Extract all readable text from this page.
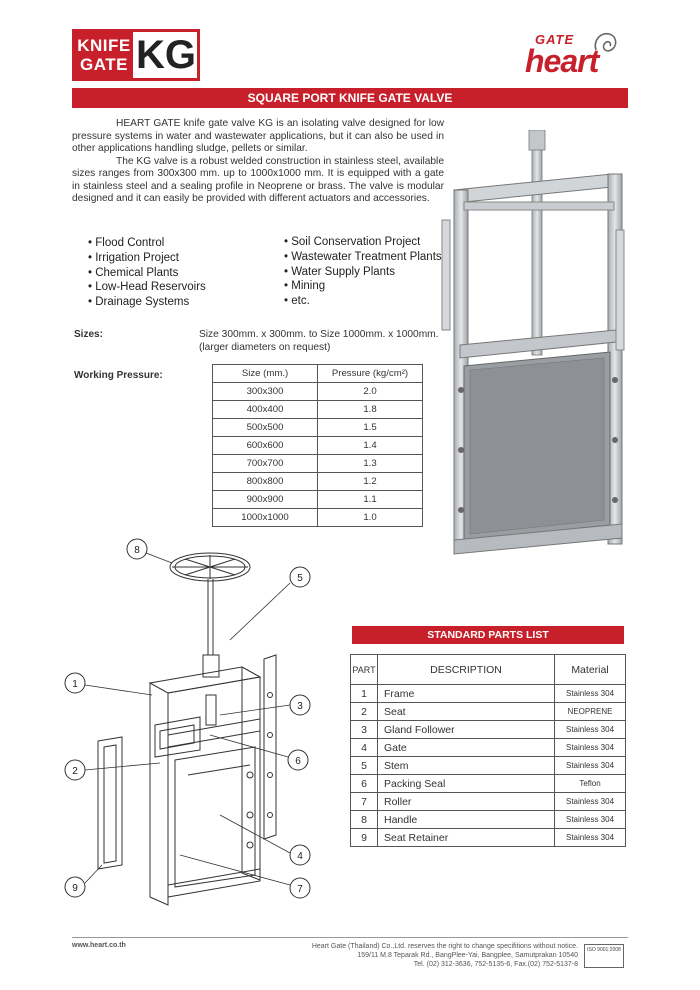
KNIFE
GATE KG	GATE
heart
SQUARE PORT KNIFE GATE VALVE

HEART GATE knife gate valve KG is an isolating valve designed for low pressure systems in water and wastewater applications, but it can also be used in other applications handling sludge, pellets or similar.

The KG valve is a robust welded construction in stainless steel, available sizes ranges from 300x300 mm. up to 1000x1000 mm. It is equipped with a gate in stainless steel and a sealing profile in Neoprene or brass. The valve is modular designed and it can easily be provided with different actuators and accessories.

• Flood Control
• Irrigation Project
• Chemical Plants
• Low-Head Reservoirs
• Drainage Systems
• Soil Conservation Project
• Wastewater Treatment Plants
• Water Supply Plants
• Mining
• etc.
Sizes:	Size 300mm. x 300mm. to Size 1000mm. x 1000mm.
(larger diameters on request)
Working Pressure:	Size (mm.)	Pressure (kg/cm²)
300x300	2.0
400x400	1.8
500x500	1.5
600x600	1.4
700x700	1.3
800x800	1.2
900x900	1.1
1000x1000	1.0
8
5
1
3
2
6
4
7
9
STANDARD PARTS LIST
PART	DESCRIPTION	Material
1	Frame	Stainless 304
2	Seat	NEOPRENE
3	Gland Follower	Stainless 304
4	Gate	Stainless 304
5	Stem	Stainless 304
6	Packing Seal	Teflon
7	Roller	Stainless 304
8	Handle	Stainless 304
9	Seat Retainer	Stainless 304
www.heart.co.th	Heart Gate (Thailand) Co.,Ltd. reserves the right to change specifitions without notice.
159/11 M.8 Teparak Rd., BangPlee-Yai, Bangplee, Samutprakan 10540
Tel. (02) 312-3636, 752-5135-6, Fax.(02) 752-5137-8
ISO 9001:2008
